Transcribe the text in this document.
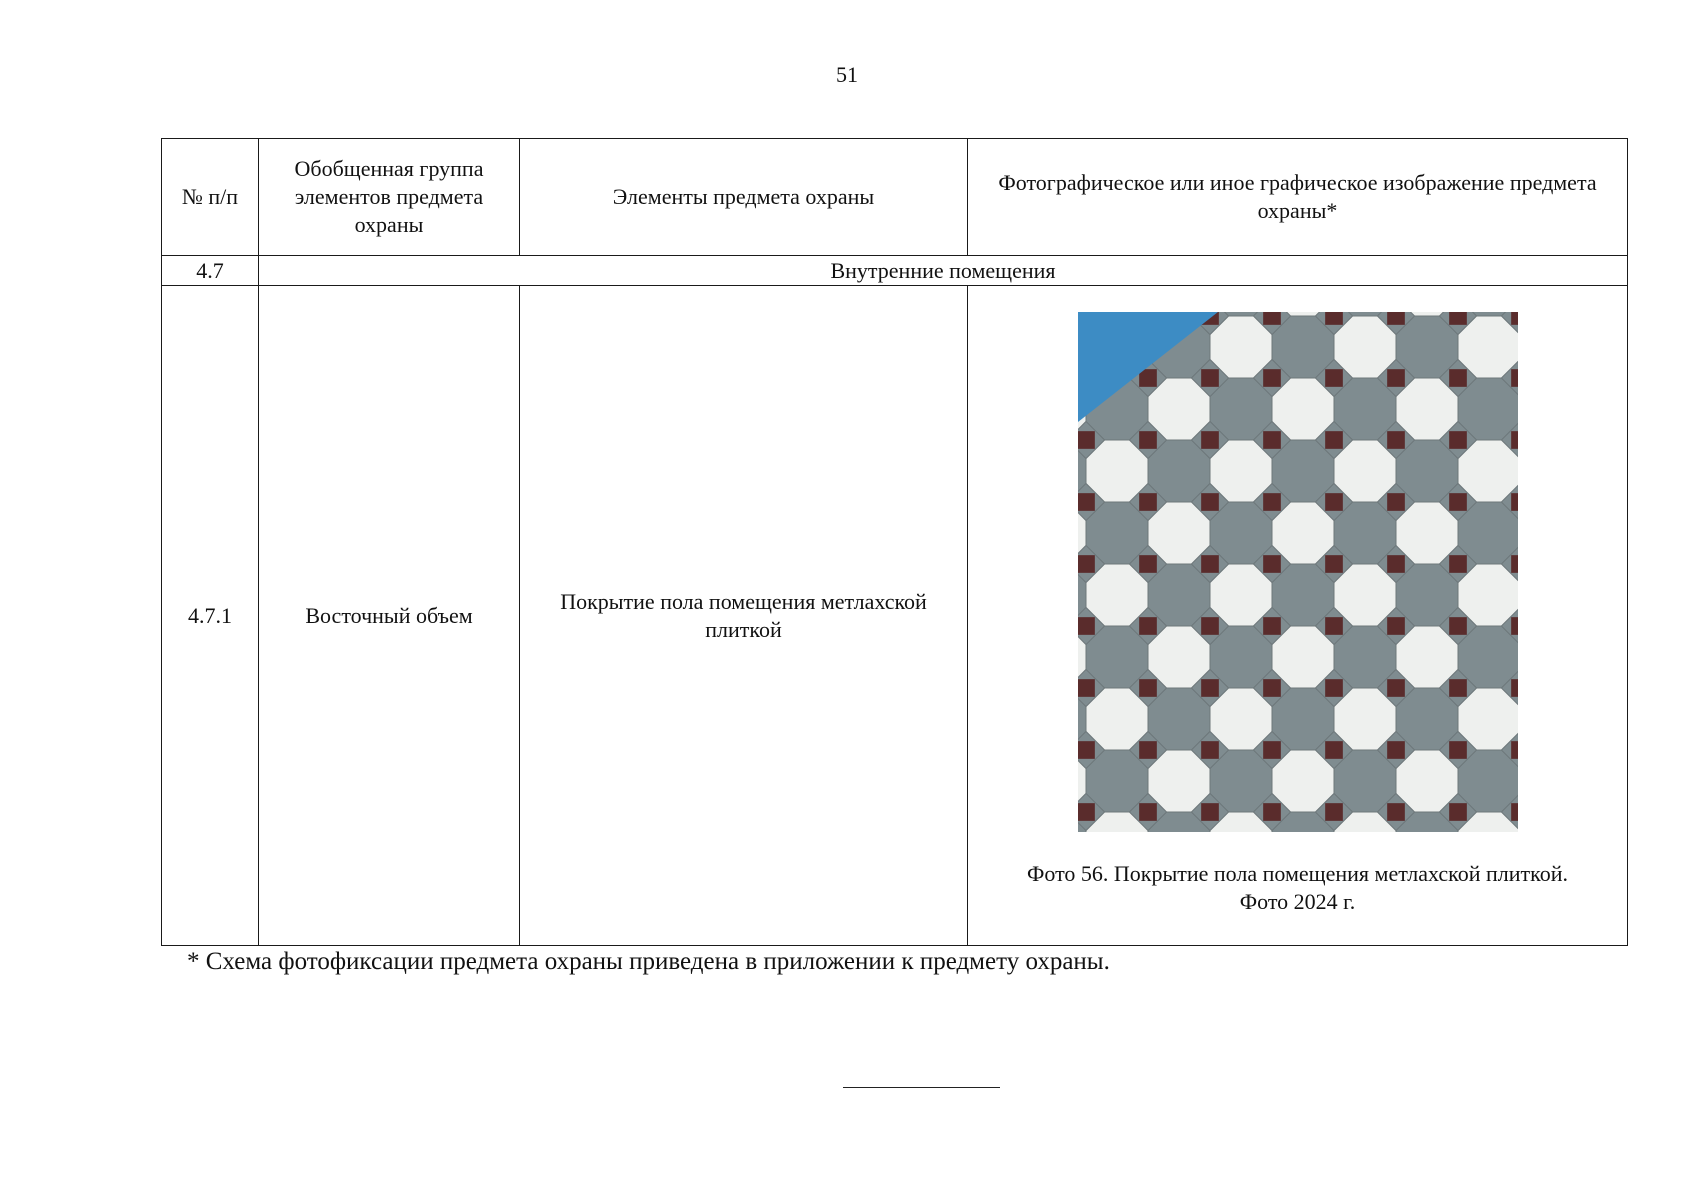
51
№ п/п	Обобщенная группа элементов предмета охраны	Элементы предмета охраны	Фотографическое или иное графическое изображение предмета охраны*
4.7	Внутренние помещения		
4.7.1	Восточный объем	Покрытие пола помещения метлахской плиткой	Фото 56. Покрытие пола помещения метлахской плиткой.
Фото 2024 г.
* Схема фотофиксации предмета охраны приведена в приложении к предмету охраны.
